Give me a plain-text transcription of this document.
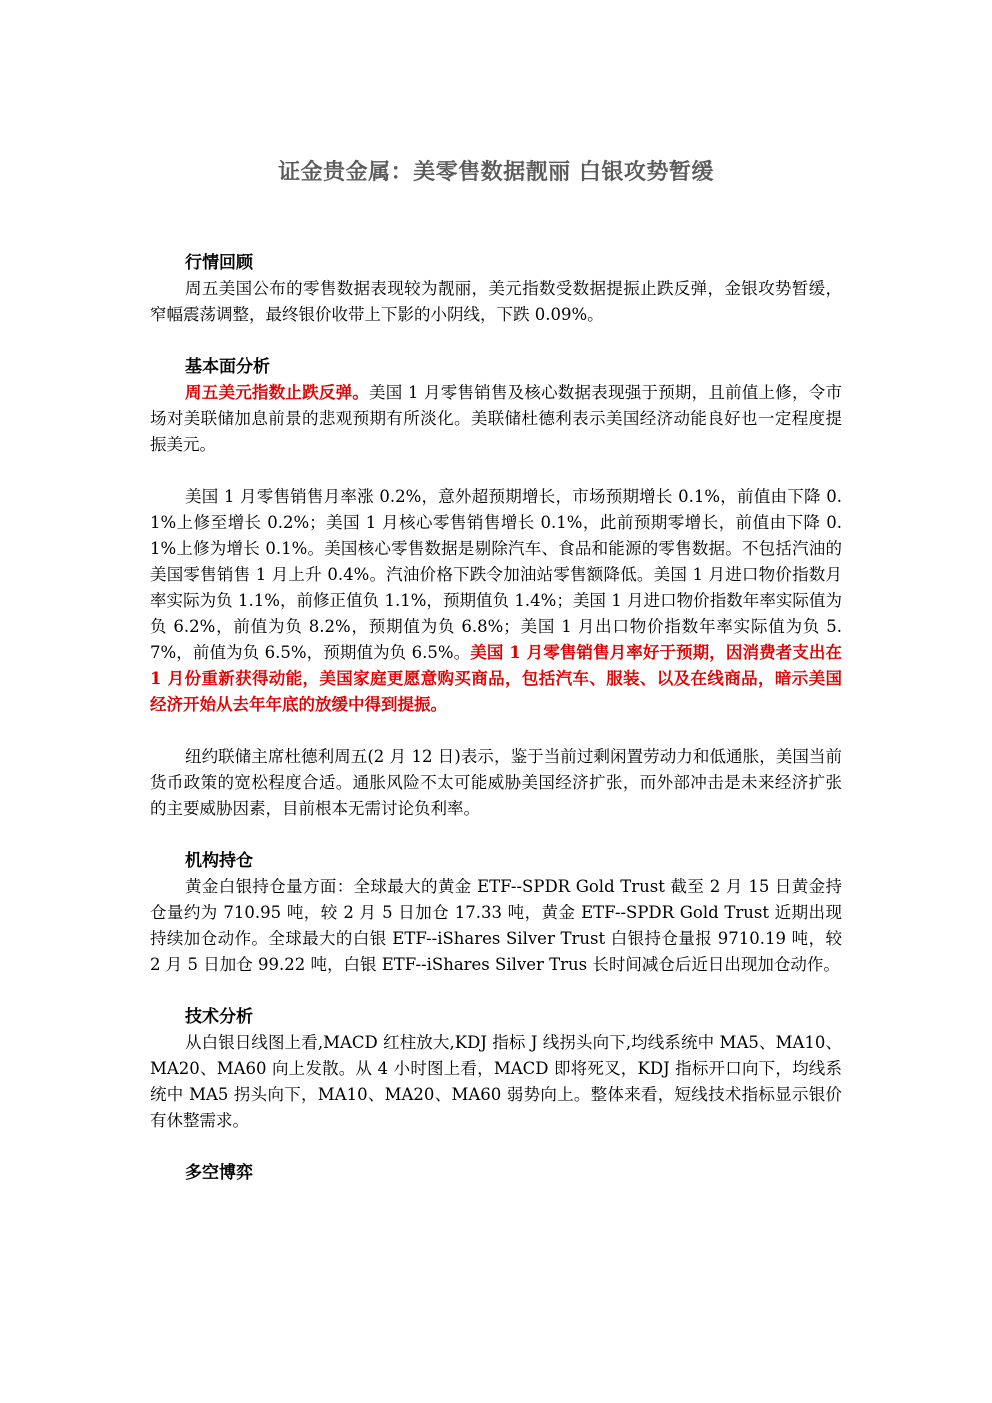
证金贵金属：美零售数据靓丽 白银攻势暂缓
行情回顾

周五美国公布的零售数据表现较为靓丽，美元指数受数据提振止跌反弹，金银攻势暂缓，窄幅震荡调整，最终银价收带上下影的小阴线，下跌 0.09%。

基本面分析

周五美元指数止跌反弹。美国 1 月零售销售及核心数据表现强于预期，且前值上修，令市场对美联储加息前景的悲观预期有所淡化。美联储杜德利表示美国经济动能良好也一定程度提振美元。

美国 1 月零售销售月率涨 0.2%，意外超预期增长，市场预期增长 0.1%，前值由下降 0.1%上修至增长 0.2%；美国 1 月核心零售销售增长 0.1%，此前预期零增长，前值由下降 0.1%上修为增长 0.1%。美国核心零售数据是剔除汽车、食品和能源的零售数据。不包括汽油的美国零售销售 1 月上升 0.4%。汽油价格下跌令加油站零售额降低。美国 1 月进口物价指数月率实际为负 1.1%，前修正值负 1.1%，预期值负 1.4%；美国 1 月进口物价指数年率实际值为负 6.2%，前值为负 8.2%，预期值为负 6.8%；美国 1 月出口物价指数年率实际值为负 5.7%，前值为负 6.5%，预期值为负 6.5%。美国 1 月零售销售月率好于预期，因消费者支出在 1 月份重新获得动能，美国家庭更愿意购买商品，包括汽车、服装、以及在线商品，暗示美国经济开始从去年年底的放缓中得到提振。

纽约联储主席杜德利周五(2 月 12 日)表示，鉴于当前过剩闲置劳动力和低通胀，美国当前货币政策的宽松程度合适。通胀风险不太可能威胁美国经济扩张，而外部冲击是未来经济扩张的主要威胁因素，目前根本无需讨论负利率。

机构持仓

黄金白银持仓量方面：全球最大的黄金 ETF--SPDR Gold Trust 截至 2 月 15 日黄金持仓量约为 710.95 吨，较 2 月 5 日加仓 17.33 吨，黄金 ETF--SPDR Gold Trust 近期出现持续加仓动作。全球最大的白银 ETF--iShares Silver Trust 白银持仓量报 9710.19 吨，较 2 月 5 日加仓 99.22 吨，白银 ETF--iShares Silver Trus 长时间减仓后近日出现加仓动作。

技术分析

从白银日线图上看,MACD 红柱放大,KDJ 指标 J 线拐头向下,均线系统中 MA5、MA10、MA20、MA60 向上发散。从 4 小时图上看，MACD 即将死叉，KDJ 指标开口向下，均线系统中 MA5 拐头向下，MA10、MA20、MA60 弱势向上。整体来看，短线技术指标显示银价有休整需求。

多空博弈
